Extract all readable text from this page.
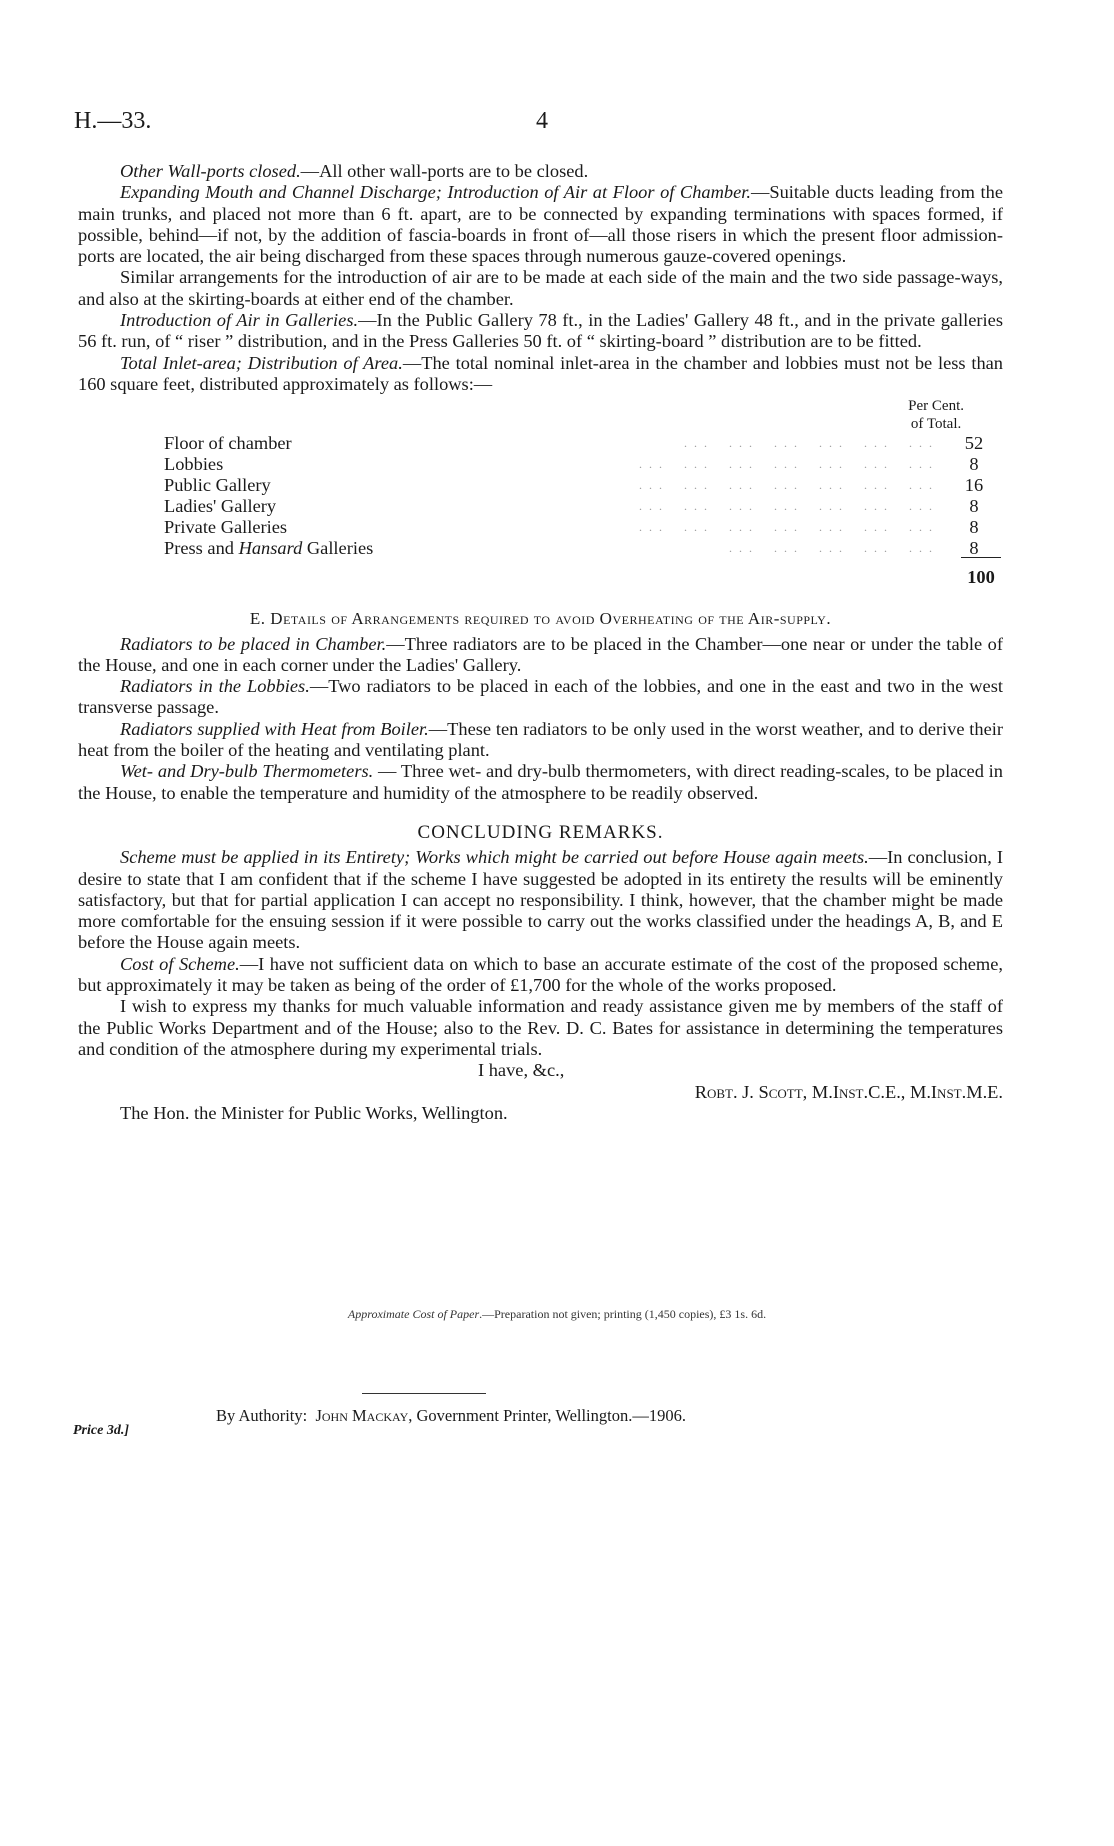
H.—33.	4

Other Wall-ports closed.—All other wall-ports are to be closed.

Expanding Mouth and Channel Discharge; Introduction of Air at Floor of Chamber.—Suitable ducts leading from the main trunks, and placed not more than 6 ft. apart, are to be connected by expanding terminations with spaces formed, if possible, behind—if not, by the addition of fascia-boards in front of—all those risers in which the present floor admission-ports are located, the air being discharged from these spaces through numerous gauze-covered openings.

Similar arrangements for the introduction of air are to be made at each side of the main and the two side passage-ways, and also at the skirting-boards at either end of the chamber.

Introduction of Air in Galleries.—In the Public Gallery 78 ft., in the Ladies' Gallery 48 ft., and in the private galleries 56 ft. run, of “ riser ” distribution, and in the Press Galleries 50 ft. of “ skirting-board ” distribution are to be fitted.

Total Inlet-area; Distribution of Area.—The total nominal inlet-area in the chamber and lobbies must not be less than 160 square feet, distributed approximately as follows:—

Per Cent.
of Total.
. . .    . . .    . . .    . . .    . . .    . . .
Floor of chamber	52
. . .    . . .    . . .    . . .    . . .    . . .    . . .
Lobbies	8
. . .    . . .    . . .    . . .    . . .    . . .    . . .
Public Gallery	16
. . .    . . .    . . .    . . .    . . .    . . .    . . .
Ladies' Gallery	8
. . .    . . .    . . .    . . .    . . .    . . .    . . .
Private Galleries	8
. . .    . . .    . . .    . . .    . . .
Press and Hansard Galleries	8
100
E. Details of Arrangements required to avoid Overheating of the Air-supply.

Radiators to be placed in Chamber.—Three radiators are to be placed in the Chamber—one near or under the table of the House, and one in each corner under the Ladies' Gallery.

Radiators in the Lobbies.—Two radiators to be placed in each of the lobbies, and one in the east and two in the west transverse passage.

Radiators supplied with Heat from Boiler.—These ten radiators to be only used in the worst weather, and to derive their heat from the boiler of the heating and ventilating plant.

Wet- and Dry-bulb Thermometers. — Three wet- and dry-bulb thermometers, with direct reading-scales, to be placed in the House, to enable the temperature and humidity of the atmosphere to be readily observed.

CONCLUDING REMARKS.

Scheme must be applied in its Entirety; Works which might be carried out before House again meets.—In conclusion, I desire to state that I am confident that if the scheme I have suggested be adopted in its entirety the results will be eminently satisfactory, but that for partial application I can accept no responsibility. I think, however, that the chamber might be made more comfortable for the ensuing session if it were possible to carry out the works classified under the headings A, B, and E before the House again meets.

Cost of Scheme.—I have not sufficient data on which to base an accurate estimate of the cost of the proposed scheme, but approximately it may be taken as being of the order of £1,700 for the whole of the works proposed.

I wish to express my thanks for much valuable information and ready assistance given me by members of the staff of the Public Works Department and of the House; also to the Rev. D. C. Bates for assistance in determining the temperatures and condition of the atmosphere during my experimental trials.

I have, &c.,

Robt. J. Scott, M.Inst.C.E., M.Inst.M.E.

The Hon. the Minister for Public Works, Wellington.

Approximate Cost of Paper.—Preparation not given; printing (1,450 copies), £3 1s. 6d.
By Authority: John Mackay, Government Printer, Wellington.—1906.
Price 3d.]
